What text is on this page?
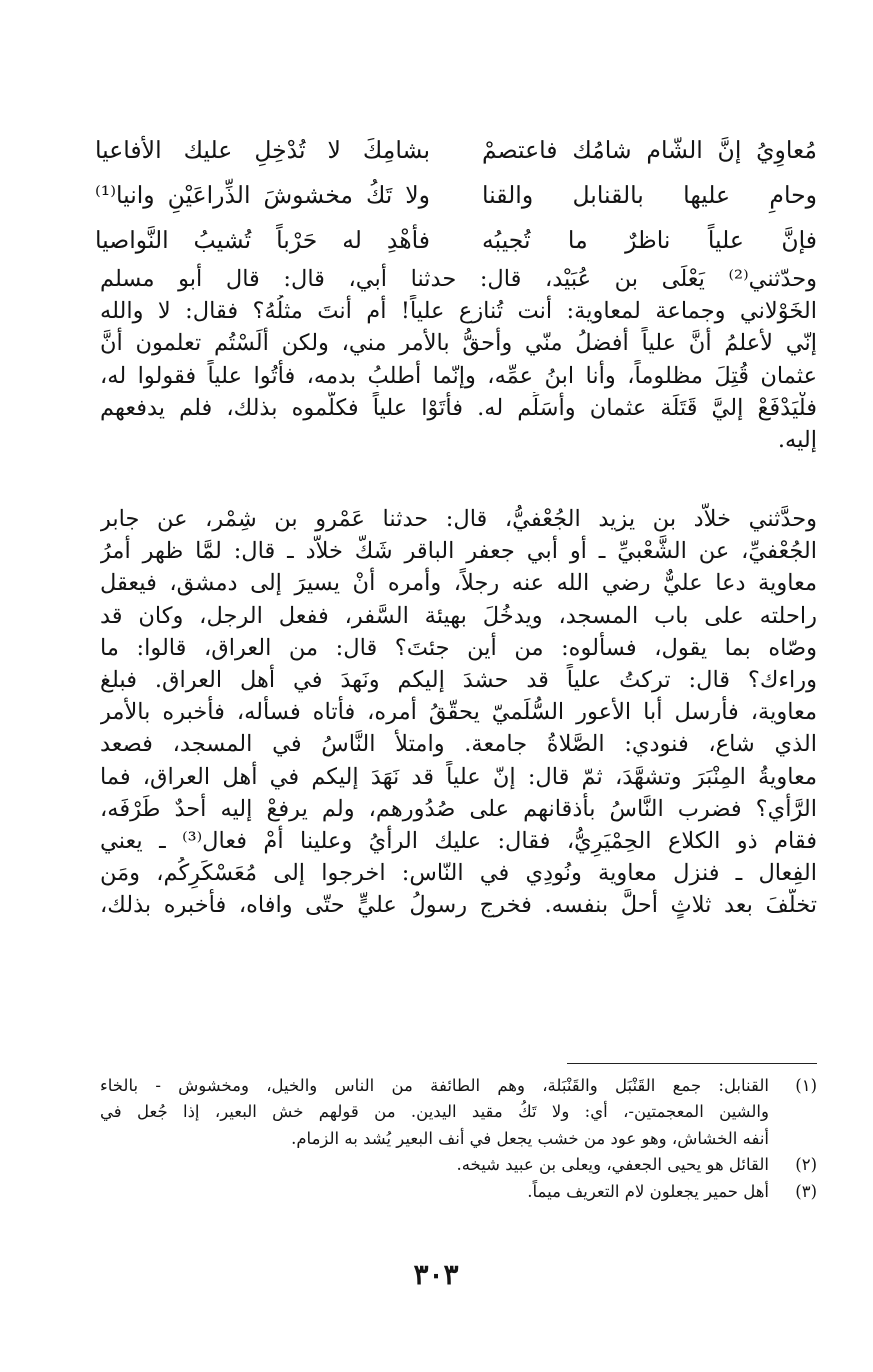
مُعاوِيُ إنَّ الشّام شامُك فاعتصمْ
بشامِكَ لا تُدْخِلِ عليك الأفاعيا
وحامِ عليها بالقنابل والقنا
ولا تَكُ مخشوشَ الذِّراعَيْنِ وانيا⁽¹⁾
فإنَّ علياً ناظرٌ ما تُجيبُه
فأهْدِ له حَرْباً تُشيبُ النَّواصيا
وحدّثني⁽²⁾ يَعْلَى بن عُبَيْد، قال: حدثنا أبي، قال: قال أبو مسلم
الخَوْلاني وجماعة لمعاوية: أنت تُنازع علياً! أم أنتَ مثلُهُ؟ فقال: لا والله
إنّي لأعلمُ أنَّ علياً أفضلُ منّي وأحقُّ بالأمر مني، ولكن أَلَسْتُم تعلمون أنَّ
عثمان قُتِلَ مظلوماً، وأنا ابنُ عمِّه، وإنّما أطلبُ بدمه، فأتُوا علياً فقولوا له،
فلْيَدْفَعْ إليَّ قَتَلَة عثمان وأسَلِّم له. فأتَوْا علياً فكلّموه بذلك، فلم يدفعهم
إليه.
وحدَّثني خلاّد بن يزيد الجُعْفيُّ، قال: حدثنا عَمْرو بن شِمْر، عن جابر
الجُعْفيِّ، عن الشَّعْبيِّ ـ أو أبي جعفر الباقر شَكَّ خلاّد ـ قال: لمَّا ظهر أمرُ
معاوية دعا عليٌّ رضي الله عنه رجلاً، وأمره أنْ يسيرَ إلى دمشق، فيعقل
راحلته على باب المسجد، ويدخُلَ بهيئة السَّفر، ففعل الرجل، وكان قد
وصّاه بما يقول، فسألوه: من أين جئتَ؟ قال: من العراق، قالوا: ما
وراءك؟ قال: تركتُ علياً قد حشدَ إليكم ونَهدَ في أهل العراق. فبلغ
معاوية، فأرسل أبا الأعور السُّلَميّ يحقّقُ أمره، فأتاه فسأله، فأخبره بالأمر
الذي شاع، فنودي: الصَّلاةُ جامعة. وامتلأ النَّاسُ في المسجد، فصعد
معاويةُ المِنْبَرَ وتشهَّدَ، ثمّ قال: إنّ علياً قد نَهَدَ إليكم في أهل العراق، فما
الرَّأي؟ فضرب النَّاسُ بأذقانهم على صُدُورهم، ولم يرفعْ إليه أحدٌ طَرْفَه،
فقام ذو الكلاع الحِمْيَرِيُّ، فقال: عليك الرأيُ وعلينا أمْ فعال⁽³⁾ ـ يعني
الفِعال ـ فنزل معاوية ونُودِي في النّاس: اخرجوا إلى مُعَسْكَرِكُم، ومَن
تخلَّفَ بعد ثلاثٍ أحلَّ بنفسه. فخرج رسولُ عليٍّ حتّى وافاه، فأخبره بذلك،
(١)
القنابل: جمع القَنْبَل والقَنْبَلة، وهم الطائفة من الناس والخيل، ومخشوش - بالخاء
والشين المعجمتين-، أي: ولا تَكُ مقيد اليدين. من قولهم خش البعير، إذا جُعل في
أنفه الخشاش، وهو عود من خشب يجعل في أنف البعير يُشد به الزمام.
(٢)
القائل هو يحيى الجعفي، ويعلى بن عبيد شيخه.
(٣)
أهل حمير يجعلون لام التعريف ميماً.
٣٠٣
